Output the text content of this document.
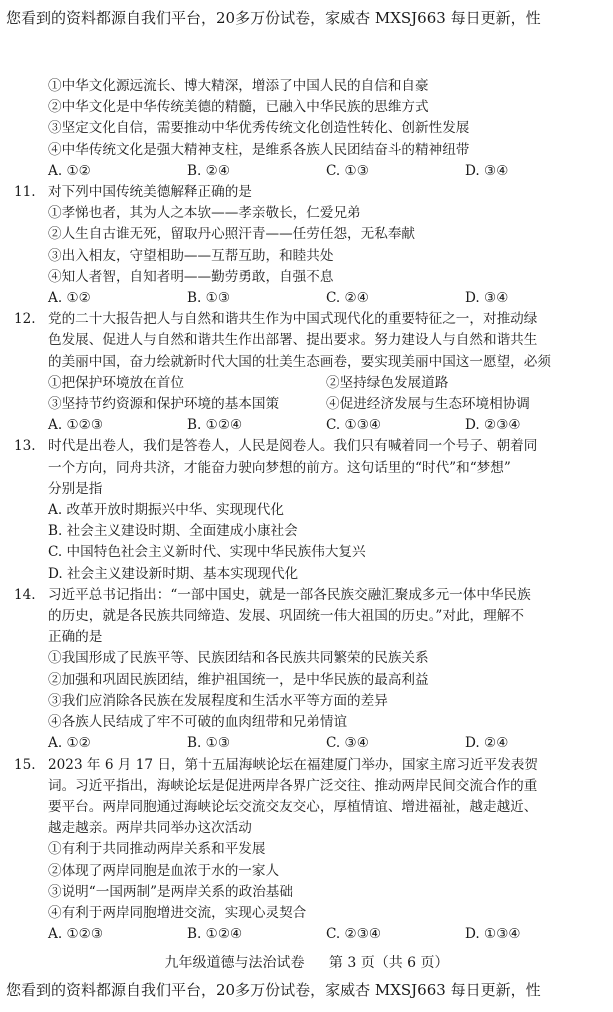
您看到的资料都源自我们平台，20多万份试卷，家威杏 MXSJ663 每日更新，性
①中华文化源远流长、博大精深，增添了中国人民的自信和自豪
②中华文化是中华传统美德的精髓，已融入中华民族的思维方式
③坚定文化自信，需要推动中华优秀传统文化创造性转化、创新性发展
④中华传统文化是强大精神支柱，是维系各族人民团结奋斗的精神纽带
A. ①②	B. ②④	C. ①③	D. ③④
11. 对下列中国传统美德解释正确的是
①孝悌也者，其为人之本欤——孝亲敬长，仁爱兄弟
②人生自古谁无死，留取丹心照汗青——任劳任怨，无私奉献
③出入相友，守望相助——互帮互助，和睦共处
④知人者智，自知者明——勤劳勇敢，自强不息
A. ①②	B. ①③	C. ②④	D. ③④
12. 党的二十大报告把人与自然和谐共生作为中国式现代化的重要特征之一，对推动绿
色发展、促进人与自然和谐共生作出部署、提出要求。努力建设人与自然和谐共生
的美丽中国，奋力绘就新时代大国的壮美生态画卷，要实现美丽中国这一愿望，必须
①把保护环境放在首位	②坚持绿色发展道路
③坚持节约资源和保护环境的基本国策	④促进经济发展与生态环境相协调
A. ①②③	B. ①②④	C. ①③④	D. ②③④
13. 时代是出卷人，我们是答卷人，人民是阅卷人。我们只有喊着同一个号子、朝着同
一个方向，同舟共济，才能奋力驶向梦想的前方。这句话里的“时代”和“梦想”
分别是指
A. 改革开放时期振兴中华、实现现代化
B. 社会主义建设时期、全面建成小康社会
C. 中国特色社会主义新时代、实现中华民族伟大复兴
D. 社会主义建设新时期、基本实现现代化
14. 习近平总书记指出：“一部中国史，就是一部各民族交融汇聚成多元一体中华民族
的历史，就是各民族共同缔造、发展、巩固统一伟大祖国的历史。”对此，理解不
正确的是
①我国形成了民族平等、民族团结和各民族共同繁荣的民族关系
②加强和巩固民族团结，维护祖国统一，是中华民族的最高利益
③我们应消除各民族在发展程度和生活水平等方面的差异
④各族人民结成了牢不可破的血肉纽带和兄弟情谊
A. ①②	B. ①③	C. ③④	D. ②④
15. 2023 年 6 月 17 日，第十五届海峡论坛在福建厦门举办，国家主席习近平发表贺
词。习近平指出，海峡论坛是促进两岸各界广泛交往、推动两岸民间交流合作的重
要平台。两岸同胞通过海峡论坛交流交友交心，厚植情谊、增进福祉，越走越近、
越走越亲。两岸共同举办这次活动
①有利于共同推动两岸关系和平发展
②体现了两岸同胞是血浓于水的一家人
③说明“一国两制”是两岸关系的政治基础
④有利于两岸同胞增进交流，实现心灵契合
A. ①②③	B. ①②④	C. ②③④	D. ①③④
九年级道德与法治试卷 第 3 页（共 6 页）
您看到的资料都源自我们平台，20多万份试卷，家威杏 MXSJ663 每日更新，性
